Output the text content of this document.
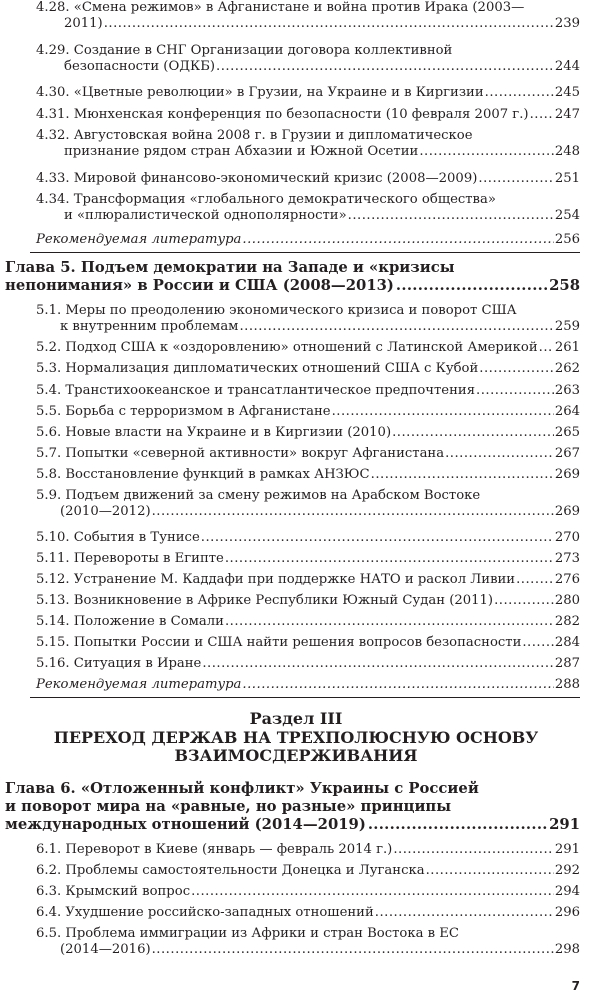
4.28. «Смена режимов» в Афганистане и война против Ирака (2003—
2011) .....	239
4.29. Создание в СНГ Организации договора коллективной
безопасности (ОДКБ) .....	244
4.30. «Цветные революции» в Грузии, на Украине и в Киргизии .....	245
4.31. Мюнхенская конференция по безопасности (10 февраля 2007 г.) ..... 247
4.32. Августовская война 2008 г. в Грузии и дипломатическое
признание рядом стран Абхазии и Южной Осетии .....	248
4.33. Мировой финансово-экономический кризис (2008—2009) .....	251
4.34. Трансформация «глобального демократического общества»
и «плюралистической однополярности» .....	254
Рекомендуемая литература .....	256
Глава 5. Подъем демократии на Западе и «кризисы
непонимания» в России и США (2008—2013) .....	258
5.1. Меры по преодолению экономического кризиса и поворот США
к внутренним проблемам .....	259
5.2. Подход США к «оздоровлению» отношений с Латинской Америкой ..... 261
5.3. Нормализация дипломатических отношений США с Кубой .....	262
5.4. Транстихоокеанское и трансатлантическое предпочтения .....	263
5.5. Борьба с терроризмом в Афганистане .....	264
5.6. Новые власти на Украине и в Киргизии (2010) .....	265
5.7. Попытки «северной активности» вокруг Афганистана .....	267
5.8. Восстановление функций в рамках АНЗЮС .....	269
5.9. Подъем движений за смену режимов на Арабском Востоке
(2010—2012) .....	269
5.10. События в Тунисе .....	270
5.11. Перевороты в Египте .....	273
5.12. Устранение М. Каддафи при поддержке НАТО и раскол Ливии .....	276
5.13. Возникновение в Африке Республики Южный Судан (2011) .....	280
5.14. Положение в Сомали .....	282
5.15. Попытки России и США найти решения вопросов безопасности .....	284
5.16. Ситуация в Иране .....	287
Рекомендуемая литература .....	288
Раздел III
ПЕРЕХОД ДЕРЖАВ НА ТРЕХПОЛЮСНУЮ ОСНОВУ
ВЗАИМОСДЕРЖИВАНИЯ
Глава 6. «Отложенный конфликт» Украины с Россией
и поворот мира на «равные, но разные» принципы
международных отношений (2014—2019) .....	291
6.1. Переворот в Киеве (январь — февраль 2014 г.) .....	291
6.2. Проблемы самостоятельности Донецка и Луганска .....	292
6.3. Крымский вопрос .....	294
6.4. Ухудшение российско-западных отношений .....	296
6.5. Проблема иммиграции из Африки и стран Востока в ЕС
(2014—2016) .....	298
7
